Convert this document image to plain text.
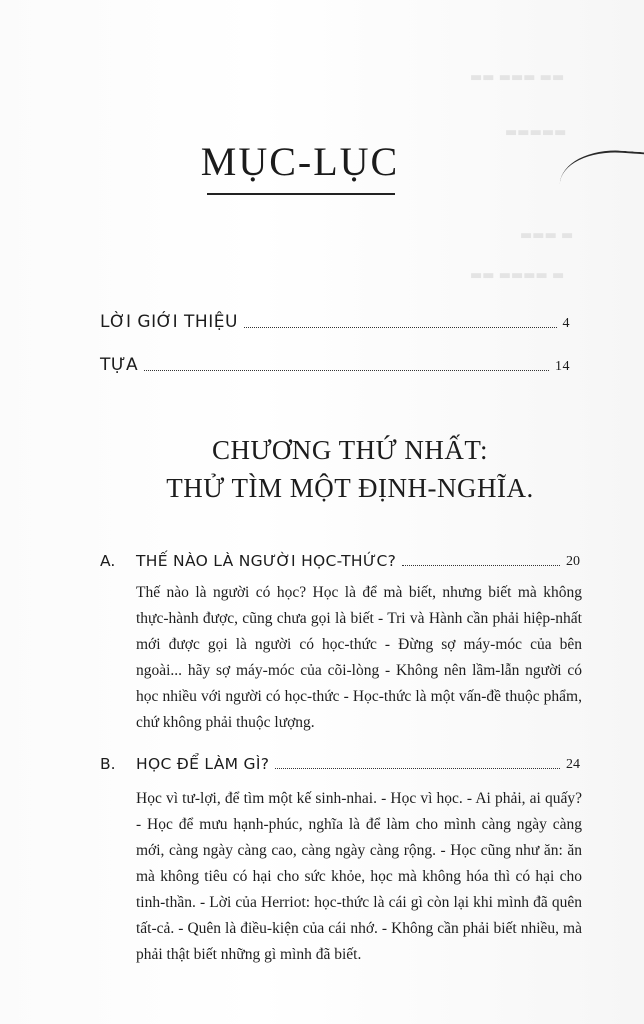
▬▬ ▬▬▬ ▬▬
▬▬▬▬▬
▬▬▬ ▬
▬▬ ▬▬▬▬ ▬
MỤC-LỤC
LỜI GIỚI THIỆU	4
TỰA	14
CHƯƠNG THỨ NHẤT:
THỬ TÌM MỘT ĐỊNH-NGHĨA.
A.	THẾ NÀO LÀ NGƯỜI HỌC-THỨC?	20

Thế nào là người có học? Học là để mà biết, nhưng biết mà không thực-hành được, cũng chưa gọi là biết - Tri và Hành cần phải hiệp-nhất mới được gọi là người có học-thức - Đừng sợ máy-móc của bên ngoài... hãy sợ máy-móc của cõi-lòng - Không nên lầm-lẫn người có học nhiều với người có học-thức - Học-thức là một vấn-đề thuộc phẩm, chứ không phải thuộc lượng.

B.	HỌC ĐỂ LÀM GÌ?	24

Học vì tư-lợi, để tìm một kế sinh-nhai. - Học vì học. - Ai phải, ai quấy? - Học để mưu hạnh-phúc, nghĩa là để làm cho mình càng ngày càng mới, càng ngày càng cao, càng ngày càng rộng. - Học cũng như ăn: ăn mà không tiêu có hại cho sức khỏe, học mà không hóa thì có hại cho tinh-thần. - Lời của Herriot: học-thức là cái gì còn lại khi mình đã quên tất-cả. - Quên là điều-kiện của cái nhớ. - Không cần phải biết nhiều, mà phải thật biết những gì mình đã biết.
